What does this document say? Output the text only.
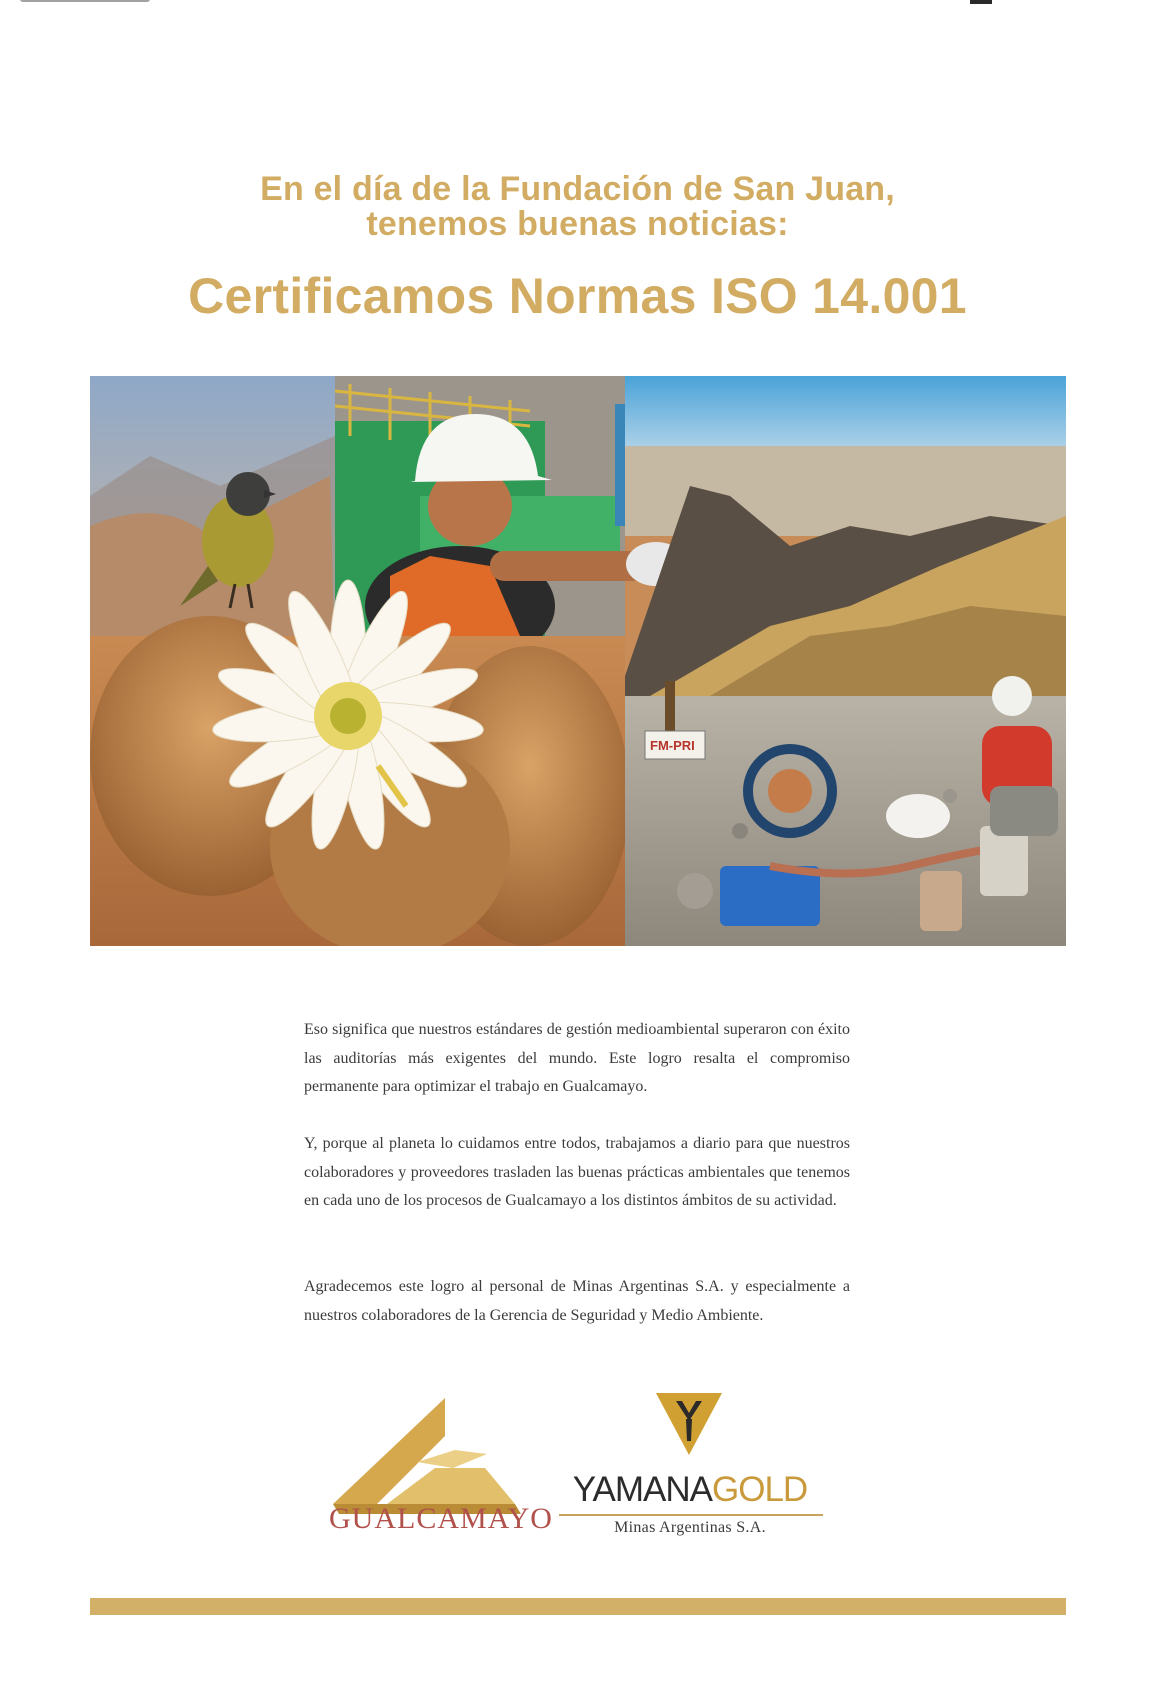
En el día de la Fundación de San Juan,
tenemos buenas noticias:
Certificamos Normas ISO 14.001
FM-PRI

Eso significa que nuestros estándares de gestión medioambiental superaron con éxito las auditorías más exigentes del mundo. Este logro resalta el compromiso permanente para optimizar el trabajo en Gualcamayo.

Y, porque al planeta lo cuidamos entre todos, trabajamos a diario para que nuestros colaboradores y proveedores trasladen las buenas prácticas ambientales que tenemos en cada uno de los procesos de Gualcamayo a los distintos ámbitos de su actividad.

Agradecemos este logro al personal de Minas Argentinas S.A. y especialmente a nuestros colaboradores de la Gerencia de Seguridad y Medio Ambiente.

GUALCAMAYO
YAMANAGOLD
Minas Argentinas S.A.
